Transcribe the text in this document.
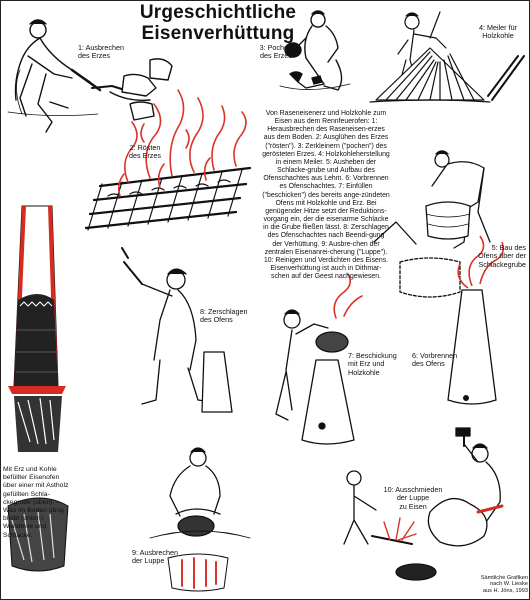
Urgeschichtliche
Eisenverhüttung
1: Ausbrechen
des Erzes
3: Pochen
des Erzes
4: Meiler für
Holzkohle
2: Rösten
des Erzes
5: Bau des
Ofens über der
Schlackegrube
8: Zerschlagen
des Ofens
7: Beschickung
mit Erz und
Holzkohle
6: Vorbrennen
des Ofens
9: Ausbrechen
der Luppe
10: Ausschmieden
der Luppe
zu Eisen
Von Raseneisenerz und Holzkohle zum Eisen aus dem Rennfeuerofen: 1: Herausbrechen des Raseneisen-erzes aus dem Boden. 2: Ausglühen des Erzes ("rösten"). 3: Zerkleinern ("pochen") des gerösteten Erzes. 4: Holzkohleherstellung in einem Meiler. 5: Ausheben der Schlacke-grube und Aufbau des Ofenschachtes aus Lehm. 6: Vorbrennen es Ofenschachtes. 7: Einfüllen ("beschicken") des bereits ange-zündeten Ofens mit Holzkohle und Erz. Bei genügender Hitze setzt der Reduktions-vorgang ein, der die eisenarme Schlacke in die Grube fließen lässt. 8: Zerschlagen des Ofenschachtes nach Beendi-gung der Verhüttung. 9: Ausbre-chen der zentralen Eisenanrei-cherung ("Luppe"). 10: Reinigen und Verdichten des Eisens. Eisenverhüttung ist auch in Dithmar-schen auf der Geest nachgewiesen.
Mit Erz und Kohle befüllter Eisenofen über einer mit Astholz gefüllten Schla-ckegrube (oben). - Was im Boden übrig bleibt (unten): Wandteile und Schlacke.
Sämtliche Grafiken
nach W. Lieske
aus H. Jöns, 1993
